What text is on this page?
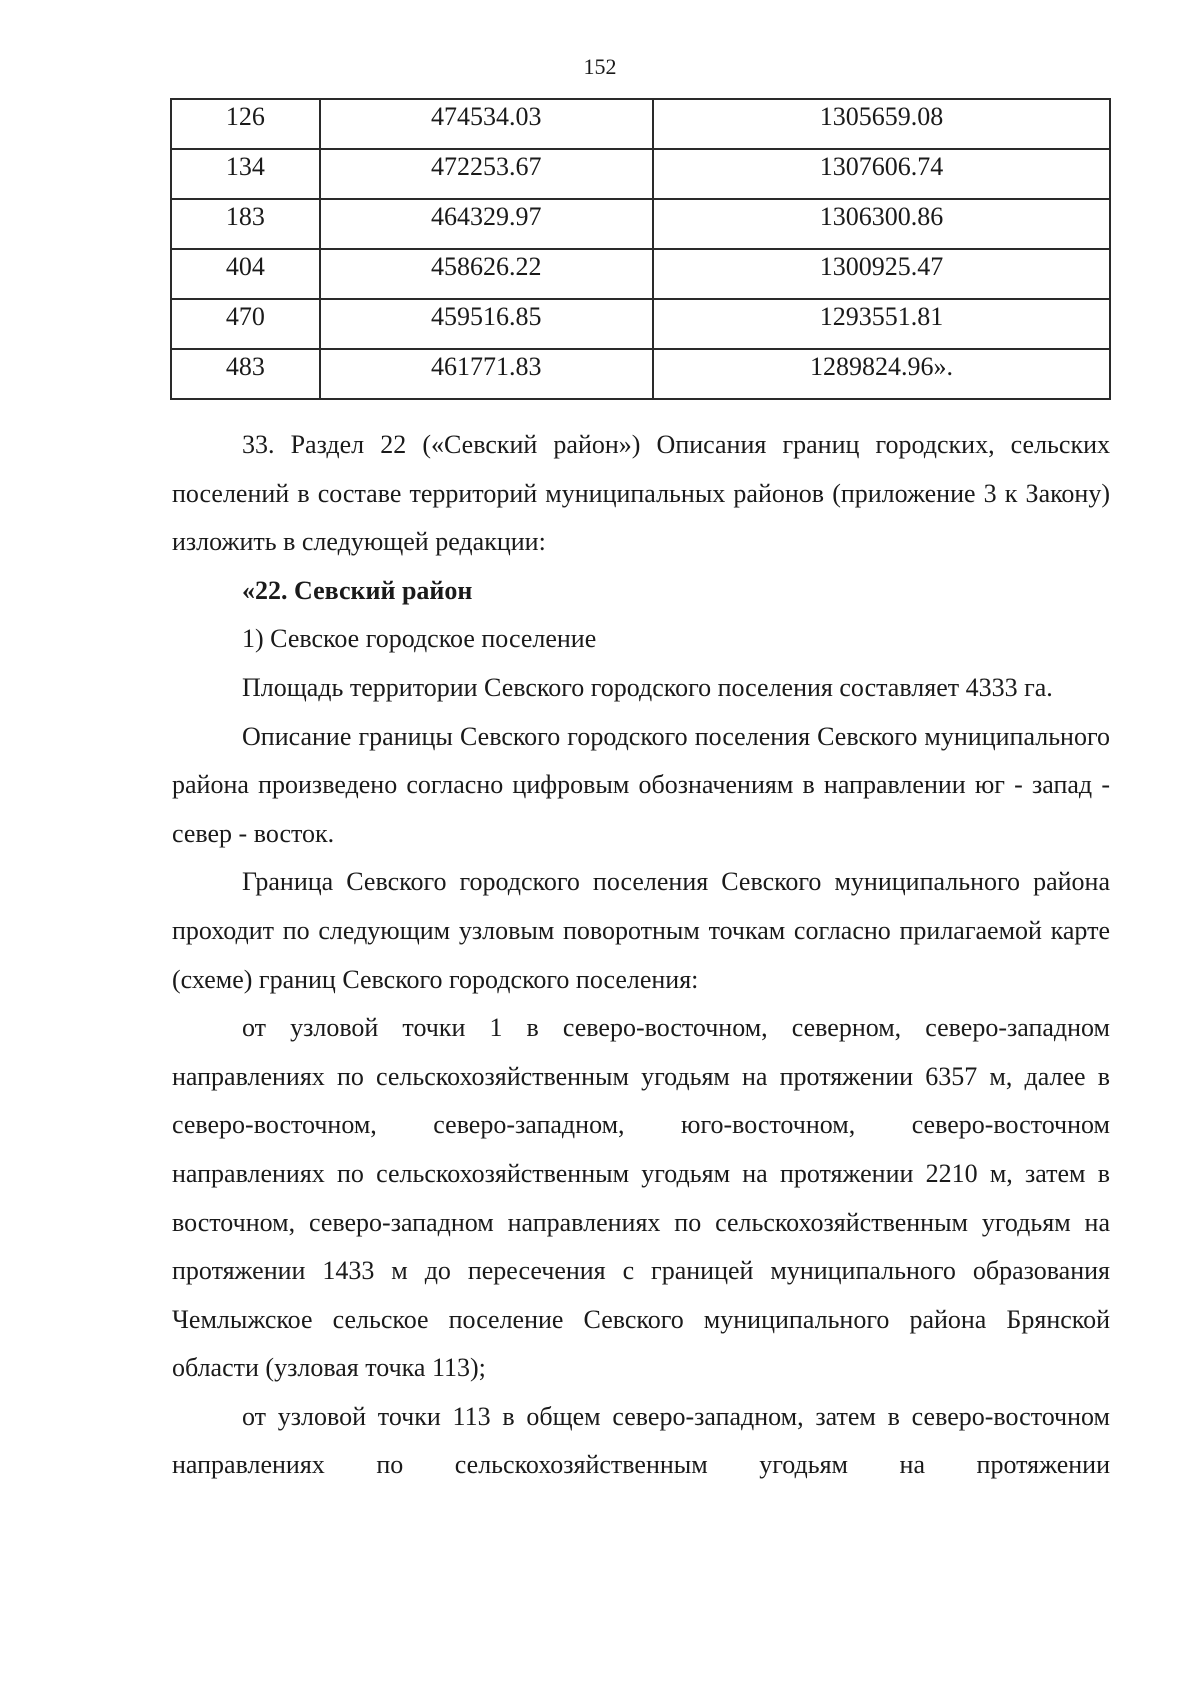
152
126	474534.03	1305659.08
134	472253.67	1307606.74
183	464329.97	1306300.86
404	458626.22	1300925.47
470	459516.85	1293551.81
483	461771.83	1289824.96».

33. Раздел 22 («Севский район») Описания границ городских, сельских поселений в составе территорий муниципальных районов (приложение 3 к Закону) изложить в следующей редакции:

«22. Севский район

1) Севское городское поселение

Площадь территории Севского городского поселения составляет 4333 га.

Описание границы Севского городского поселения Севского муниципального района произведено согласно цифровым обозначениям в направлении юг - запад - север - восток.

Граница Севского городского поселения Севского муниципального района проходит по следующим узловым поворотным точкам согласно прилагаемой карте (схеме) границ Севского городского поселения:

от узловой точки 1 в северо-восточном, северном, северо-западном направлениях по сельскохозяйственным угодьям на протяжении 6357 м, далее в северо-восточном, северо-западном, юго-восточном, северо-восточном направлениях по сельскохозяйственным угодьям на протяжении 2210 м, затем в восточном, северо-западном направлениях по сельскохозяйственным угодьям на протяжении 1433 м до пересечения с границей муниципального образования Чемлыжское сельское поселение Севского муниципального района Брянской области (узловая точка 113);

от узловой точки 113 в общем северо-западном, затем в северо-восточном направлениях по сельскохозяйственным угодьям на протяжении
